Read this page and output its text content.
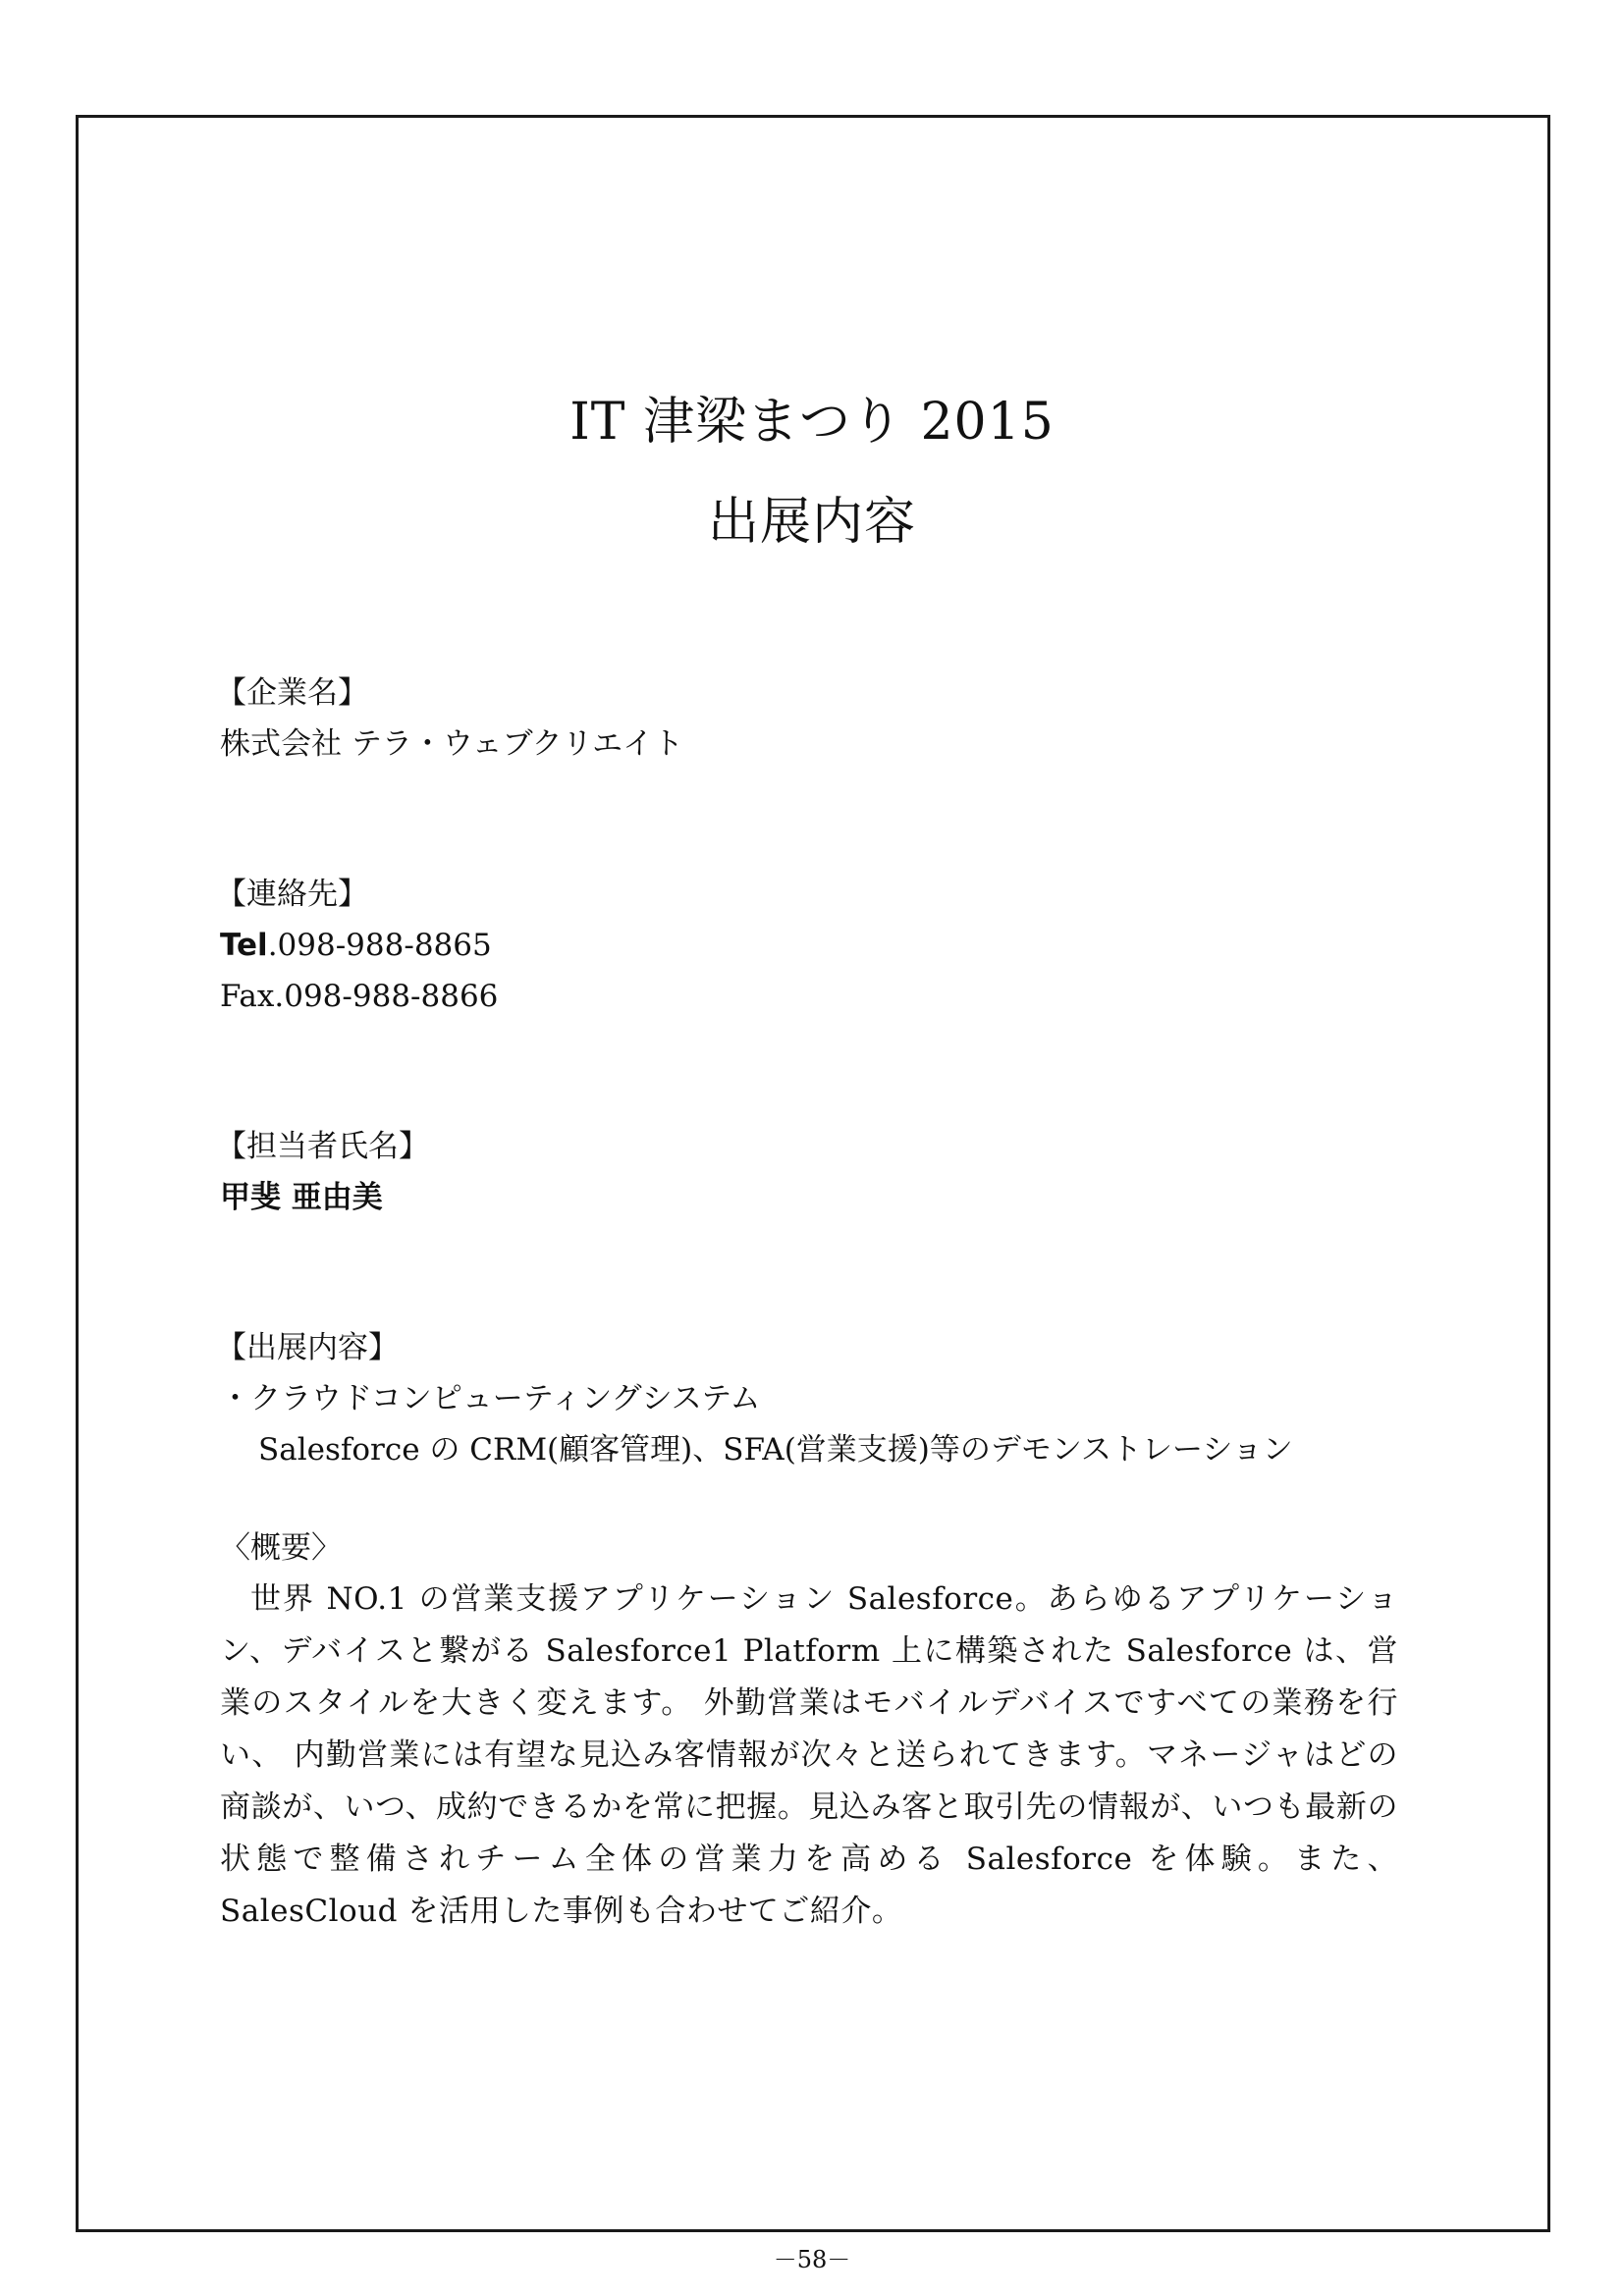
IT 津梁まつり 2015
出展内容
【企業名】
株式会社 テラ・ウェブクリエイト
【連絡先】
Tel.098-988-8865
Fax.098-988-8866
【担当者氏名】
甲斐 亜由美
【出展内容】
・クラウドコンピューティングシステム
Salesforce の CRM(顧客管理)、SFA(営業支援)等のデモンストレーション
〈概要〉
世界 NO.1 の営業支援アプリケーション Salesforce。あらゆるアプリケーション、デバイスと繋がる Salesforce1 Platform 上に構築された Salesforce は、営業のスタイルを大きく変えます。 外勤営業はモバイルデバイスですべての業務を行い、 内勤営業には有望な見込み客情報が次々と送られてきます。マネージャはどの商談が、いつ、成約できるかを常に把握。見込み客と取引先の情報が、いつも最新の状態で整備されチーム全体の営業力を高める Salesforce を体験。また、SalesCloud を活用した事例も合わせてご紹介。
－58－
